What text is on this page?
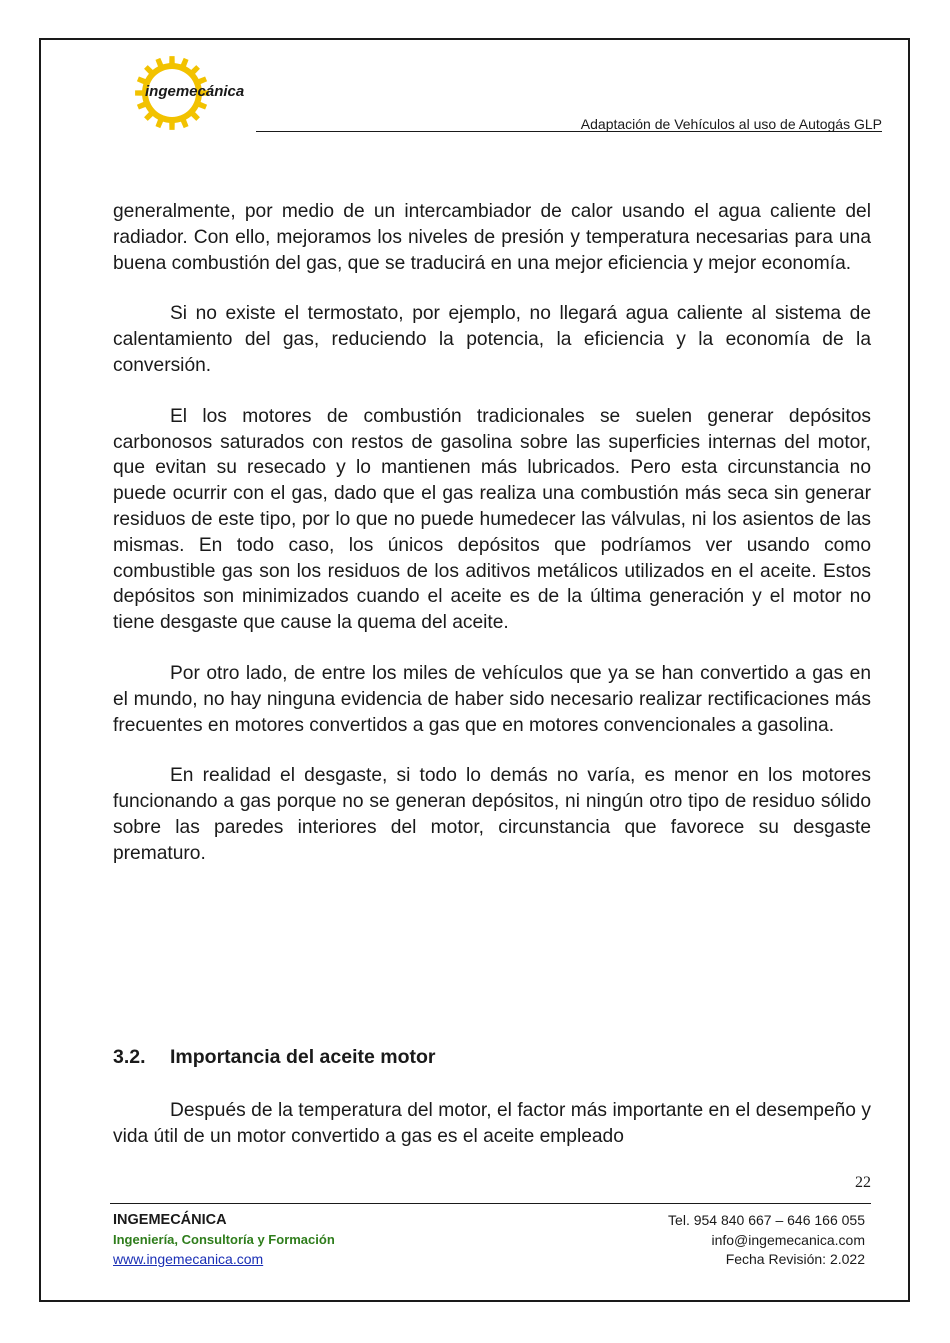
ingemecánica
Adaptación de Vehículos al uso de Autogás GLP

generalmente, por medio de un intercambiador de calor usando el agua caliente del radiador. Con ello, mejoramos los niveles de presión y temperatura necesarias para una buena combustión del gas, que se traducirá en una mejor eficiencia y mejor economía.

Si no existe el termostato, por ejemplo, no llegará agua caliente al sistema de calentamiento del gas, reduciendo la potencia, la eficiencia y la economía de la conversión.

El los motores de combustión tradicionales se suelen generar depósitos carbonosos saturados con restos de gasolina sobre las superficies internas del motor, que evitan su resecado y lo mantienen más lubricados. Pero esta circunstancia no puede ocurrir con el gas, dado que el gas realiza una combustión más seca sin generar residuos de este tipo, por lo que no puede humedecer las válvulas, ni los asientos de las mismas. En todo caso, los únicos depósitos que podríamos ver usando como combustible gas son los residuos de los aditivos metálicos utilizados en el aceite. Estos depósitos son minimizados cuando el aceite es de la última generación y el motor no tiene desgaste que cause la quema del aceite.

Por otro lado, de entre los miles de vehículos que ya se han convertido a gas en el mundo, no hay ninguna evidencia de haber sido necesario realizar rectificaciones más frecuentes en motores convertidos a gas que en motores convencionales a gasolina.

En realidad el desgaste, si todo lo demás no varía, es menor en los motores funcionando a gas porque no se generan depósitos, ni ningún otro tipo de residuo sólido sobre las paredes interiores del motor, circunstancia que favorece su desgaste prematuro.

3.2. Importancia del aceite motor

Después de la temperatura del motor, el factor más importante en el desempeño y vida útil de un motor convertido a gas es el aceite empleado

22
INGEMECÁNICA
Ingeniería, Consultoría y Formación
www.ingemecanica.com
Tel. 954 840 667 – 646 166 055
info@ingemecanica.com
Fecha Revisión: 2.022
